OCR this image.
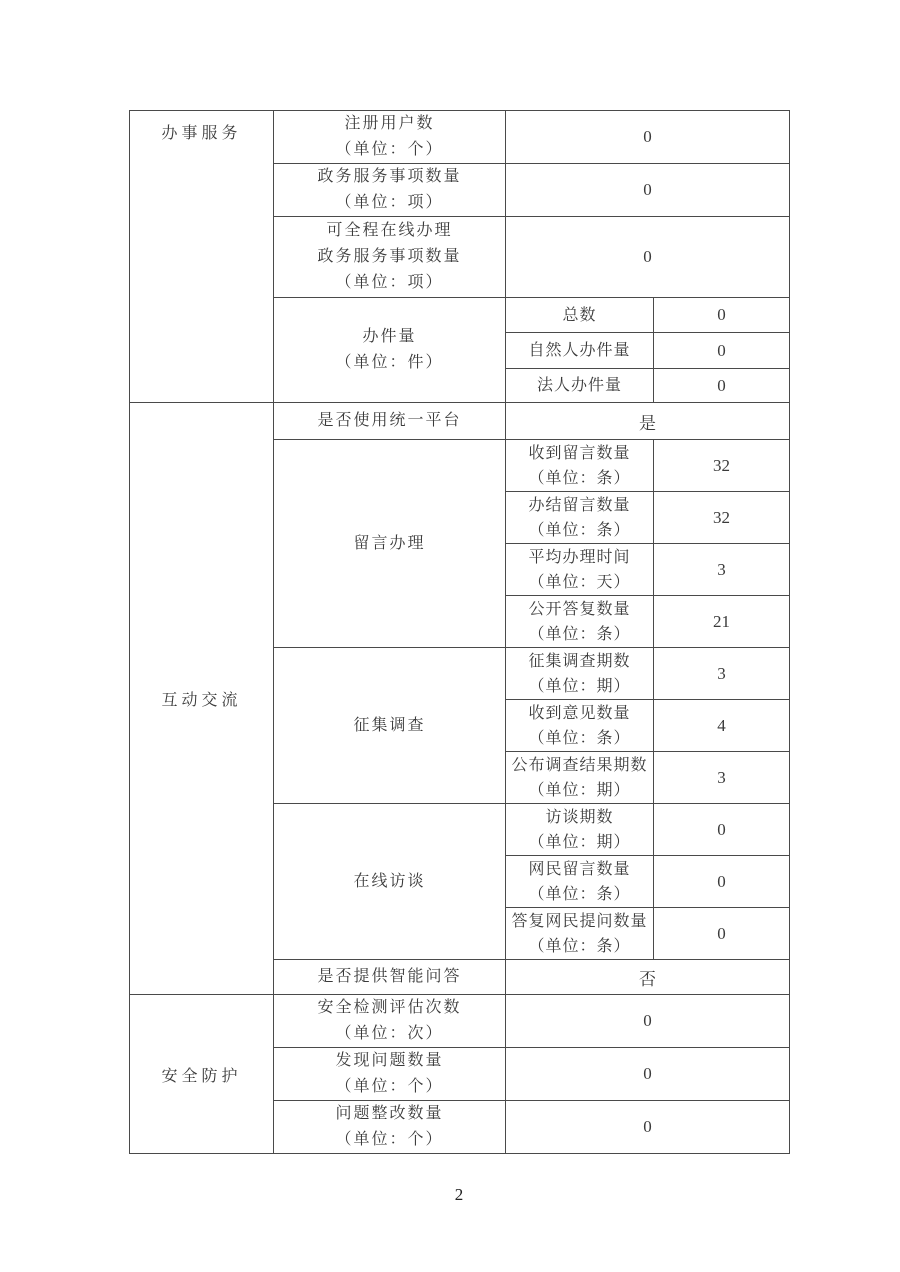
办事服务	注册用户数
（单位：个）	0	

	政务服务事项数量
（单位：项）	0	

	可全程在线办理
政务服务事项数量
（单位：项）	0	

	办件量
（单位：件）	总数	0
		自然人办件量	0
		法人办件量	0
互动交流	是否使用统一平台	是	
	留言办理	收到留言数量
（单位：条）	32

		办结留言数量
（单位：条）	32

		平均办理时间
（单位：天）	3

		公开答复数量
（单位：条）	21
	征集调查	征集调查期数
（单位：期）	3

		收到意见数量
（单位：条）	4

		公布调查结果期数
（单位：期）	3
	在线访谈	访谈期数
（单位：期）	0

		网民留言数量
（单位：条）	0

		答复网民提问数量
（单位：条）	0
	是否提供智能问答	否	
安全防护	安全检测评估次数
（单位：次）	0	

	发现问题数量
（单位：个）	0	

	问题整改数量
（单位：个）	0	
2
